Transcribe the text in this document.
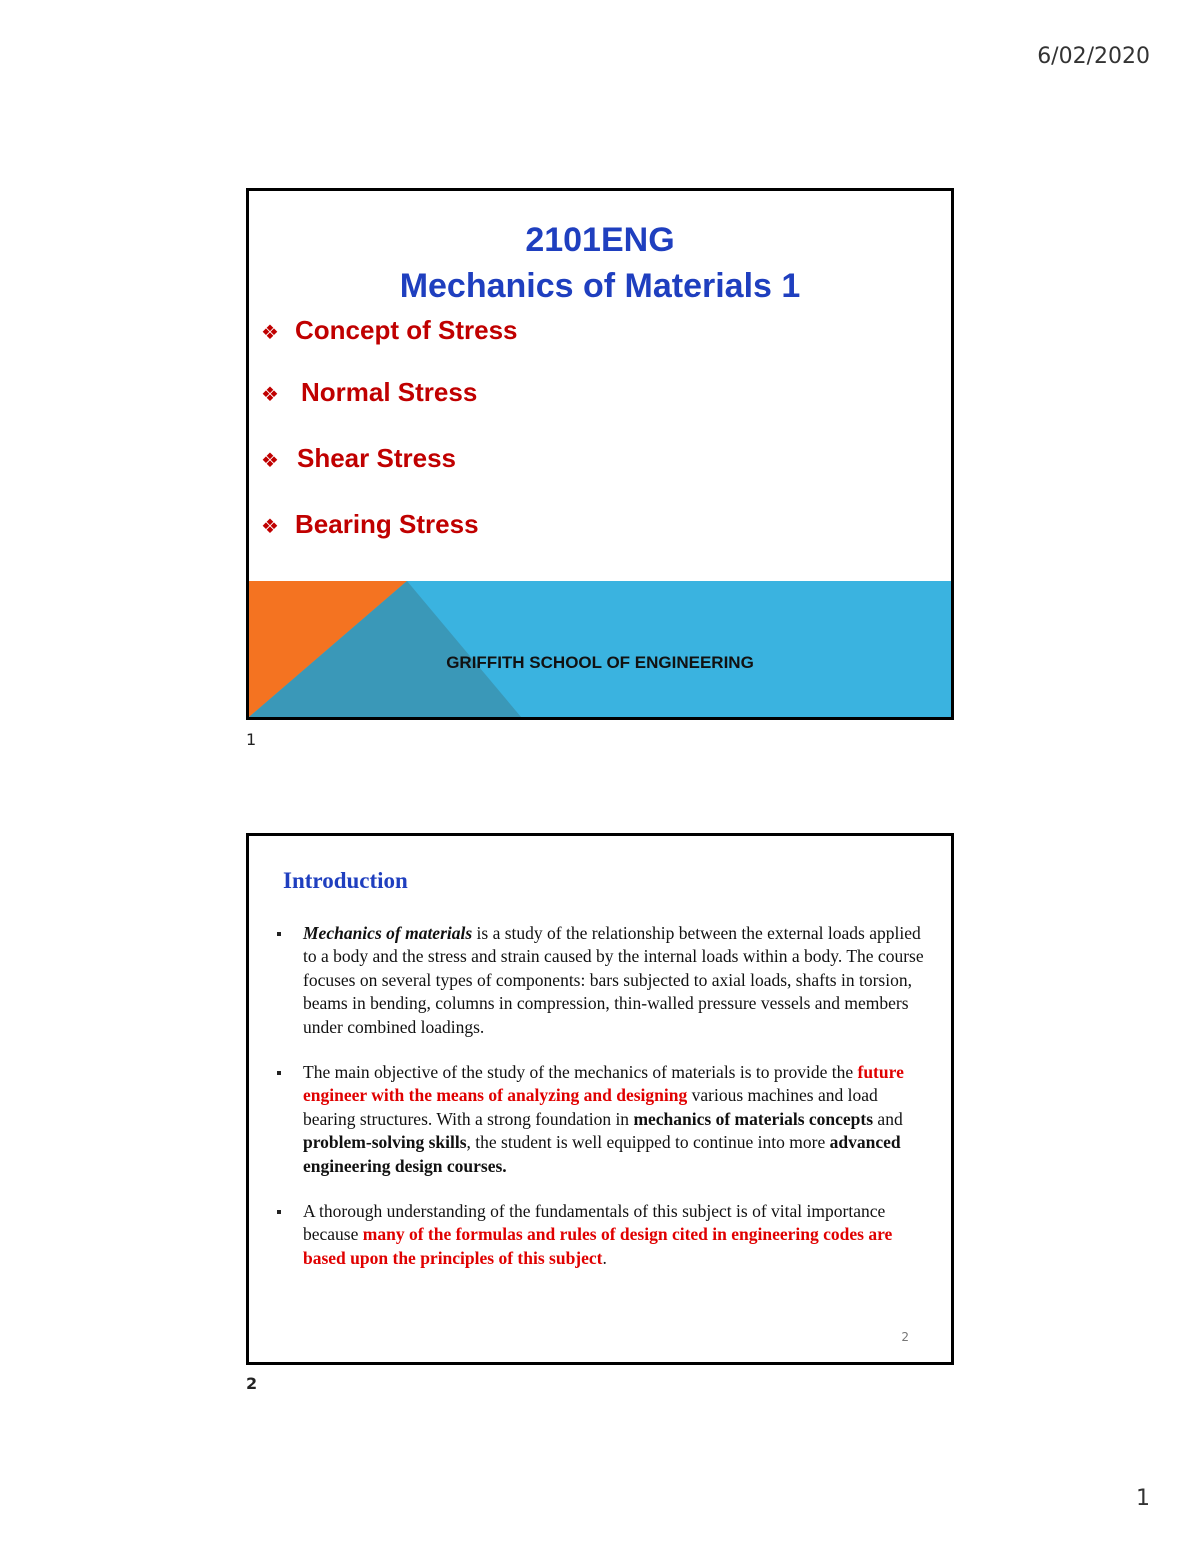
6/02/2020
2101ENG
Mechanics of Materials 1
❖ Concept of Stress
❖ Normal Stress
❖ Shear Stress
❖ Bearing Stress
GRIFFITH SCHOOL OF ENGINEERING
1
Introduction
Mechanics of materials is a study of the relationship between the external loads applied to a body and the stress and strain caused by the internal loads within a body. The course focuses on several types of components: bars subjected to axial loads, shafts in torsion, beams in bending, columns in compression, thin-walled pressure vessels and members under combined loadings.
The main objective of the study of the mechanics of materials is to provide the future engineer with the means of analyzing and designing various machines and load bearing structures. With a strong foundation in mechanics of materials concepts and problem-solving skills, the student is well equipped to continue into more advanced engineering design courses.
A thorough understanding of the fundamentals of this subject is of vital importance because many of the formulas and rules of design cited in engineering codes are based upon the principles of this subject.
2
2
1
